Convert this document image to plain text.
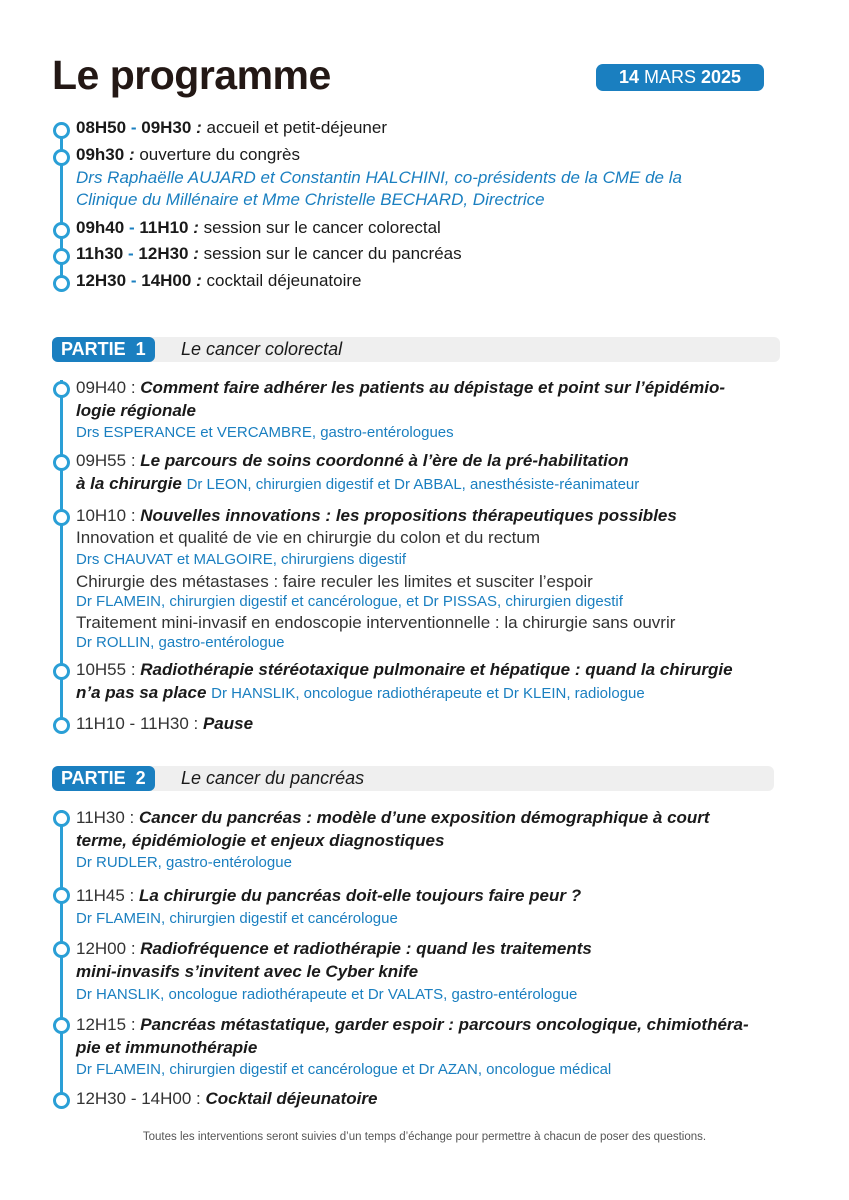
Le programme	14 MARS 2025
08H50 - 09H30 : accueil et petit-déjeuner
09h30 : ouverture du congrès
Drs Raphaëlle AUJARD et Constantin HALCHINI, co-présidents de la CME de la
Clinique du Millénaire et Mme Christelle BECHARD, Directrice
09h40 - 11H10 : session sur le cancer colorectal
11h30 - 12H30 : session sur le cancer du pancréas
12H30 - 14H00 : cocktail déjeunatoire
PARTIE  1	Le cancer colorectal
09H40 : Comment faire adhérer les patients au dépistage et point sur l’épidémio-
logie régionale
Drs ESPERANCE et VERCAMBRE, gastro-entérologues
09H55 : Le parcours de soins coordonné à l’ère de la pré-habilitation
à la chirurgie Dr LEON, chirurgien digestif et Dr ABBAL, anesthésiste-réanimateur
10H10 : Nouvelles innovations : les propositions thérapeutiques possibles
Innovation et qualité de vie en chirurgie du colon et du rectum
Drs CHAUVAT et MALGOIRE, chirurgiens digestif
Chirurgie des métastases : faire reculer les limites et susciter l’espoir
Dr FLAMEIN, chirurgien digestif et cancérologue, et Dr PISSAS, chirurgien digestif
Traitement mini-invasif en endoscopie interventionnelle : la chirurgie sans ouvrir
Dr ROLLIN, gastro-entérologue
10H55 : Radiothérapie stéréotaxique pulmonaire et hépatique : quand la chirurgie
n’a pas sa place Dr HANSLIK, oncologue radiothérapeute et Dr KLEIN, radiologue
11H10 - 11H30 : Pause
PARTIE  2	Le cancer du pancréas
11H30 : Cancer du pancréas : modèle d’une exposition démographique à court
terme, épidémiologie et enjeux diagnostiques
Dr RUDLER, gastro-entérologue
11H45 : La chirurgie du pancréas doit-elle toujours faire peur ?
Dr FLAMEIN, chirurgien digestif et cancérologue
12H00 : Radiofréquence et radiothérapie : quand les traitements
mini-invasifs s’invitent avec le Cyber knife
Dr HANSLIK, oncologue radiothérapeute et Dr VALATS, gastro-entérologue
12H15 : Pancréas métastatique, garder espoir : parcours oncologique, chimiothéra-
pie et immunothérapie
Dr FLAMEIN, chirurgien digestif et cancérologue et Dr AZAN, oncologue médical
12H30 - 14H00 : Cocktail déjeunatoire
Toutes les interventions seront suivies d’un temps d’échange pour permettre à chacun de poser des questions.
